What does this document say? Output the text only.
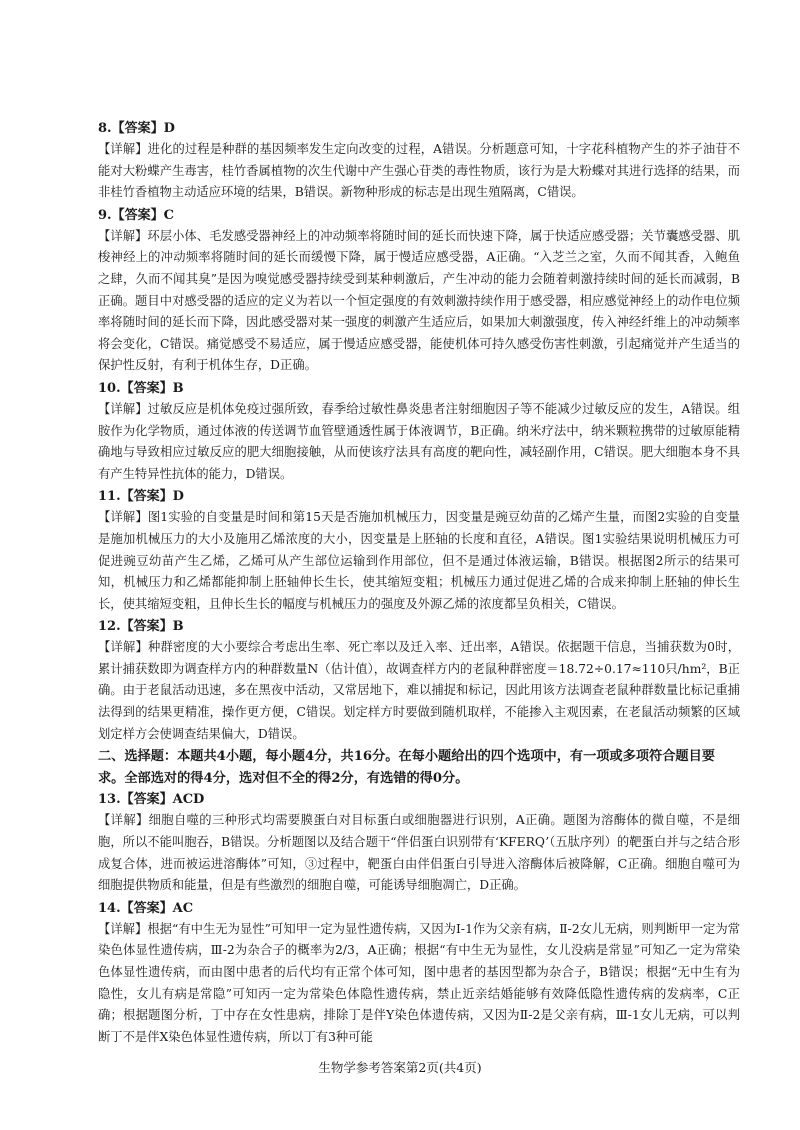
8.【答案】D

【详解】进化的过程是种群的基因频率发生定向改变的过程，A错误。分析题意可知，十字花科植物产生的芥子油苷不能对大粉蝶产生毒害，桂竹香属植物的次生代谢中产生强心苷类的毒性物质，该行为是大粉蝶对其进行选择的结果，而非桂竹香植物主动适应环境的结果，B错误。新物种形成的标志是出现生殖隔离，C错误。

9.【答案】C

【详解】环层小体、毛发感受器神经上的冲动频率将随时间的延长而快速下降，属于快适应感受器；关节囊感受器、肌梭神经上的冲动频率将随时间的延长而缓慢下降，属于慢适应感受器，A正确。“入芝兰之室，久而不闻其香，入鲍鱼之肆，久而不闻其臭”是因为嗅觉感受器持续受到某种刺激后，产生冲动的能力会随着刺激持续时间的延长而减弱，B正确。题目中对感受器的适应的定义为若以一个恒定强度的有效刺激持续作用于感受器，相应感觉神经上的动作电位频率将随时间的延长而下降，因此感受器对某一强度的刺激产生适应后，如果加大刺激强度，传入神经纤维上的冲动频率将会变化，C错误。痛觉感受不易适应，属于慢适应感受器，能使机体可持久感受伤害性刺激，引起痛觉并产生适当的保护性反射，有利于机体生存，D正确。

10.【答案】B

【详解】过敏反应是机体免疫过强所致，春季给过敏性鼻炎患者注射细胞因子等不能减少过敏反应的发生，A错误。组胺作为化学物质，通过体液的传送调节血管壁通透性属于体液调节，B正确。纳米疗法中，纳米颗粒携带的过敏原能精确地与导致相应过敏反应的肥大细胞接触，从而使该疗法具有高度的靶向性，减轻副作用，C错误。肥大细胞本身不具有产生特异性抗体的能力，D错误。

11.【答案】D

【详解】图1实验的自变量是时间和第15天是否施加机械压力，因变量是豌豆幼苗的乙烯产生量，而图2实验的自变量是施加机械压力的大小及施用乙烯浓度的大小，因变量是上胚轴的长度和直径，A错误。图1实验结果说明机械压力可促进豌豆幼苗产生乙烯，乙烯可从产生部位运输到作用部位，但不是通过体液运输，B错误。根据图2所示的结果可知，机械压力和乙烯都能抑制上胚轴伸长生长，使其缩短变粗；机械压力通过促进乙烯的合成来抑制上胚轴的伸长生长，使其缩短变粗，且伸长生长的幅度与机械压力的强度及外源乙烯的浓度都呈负相关，C错误。

12.【答案】B

【详解】种群密度的大小要综合考虑出生率、死亡率以及迁入率、迁出率，A错误。依据题干信息，当捕获数为0时，累计捕获数即为调查样方内的种群数量N（估计值），故调查样方内的老鼠种群密度＝18.72÷0.17≈110只/hm²，B正确。由于老鼠活动迅速，多在黑夜中活动，又常居地下，难以捕捉和标记，因此用该方法调查老鼠种群数量比标记重捕法得到的结果更精准，操作更方便，C错误。划定样方时要做到随机取样，不能掺入主观因素，在老鼠活动频繁的区域划定样方会使调查结果偏大，D错误。

二、选择题：本题共4小题，每小题4分，共16分。在每小题给出的四个选项中，有一项或多项符合题目要求。全部选对的得4分，选对但不全的得2分，有选错的得0分。

13.【答案】ACD

【详解】细胞自噬的三种形式均需要膜蛋白对目标蛋白或细胞器进行识别，A正确。题图为溶酶体的微自噬，不是细胞，所以不能叫胞吞，B错误。分析题图以及结合题干“伴侣蛋白识别带有‘KFERQ’（五肽序列）的靶蛋白并与之结合形成复合体，进而被运进溶酶体”可知，③过程中，靶蛋白由伴侣蛋白引导进入溶酶体后被降解，C正确。细胞自噬可为细胞提供物质和能量，但是有些激烈的细胞自噬，可能诱导细胞凋亡，D正确。

14.【答案】AC

【详解】根据“有中生无为显性”可知甲一定为显性遗传病，又因为Ⅰ-1作为父亲有病，Ⅱ-2女儿无病，则判断甲一定为常染色体显性遗传病，Ⅲ-2为杂合子的概率为2/3，A正确；根据“有中生无为显性，女儿没病是常显”可知乙一定为常染色体显性遗传病，而由图中患者的后代均有正常个体可知，图中患者的基因型都为杂合子，B错误；根据“无中生有为隐性，女儿有病是常隐”可知丙一定为常染色体隐性遗传病，禁止近亲结婚能够有效降低隐性遗传病的发病率，C正确；根据题图分析，丁中存在女性患病，排除丁是伴Y染色体遗传病，又因为Ⅱ-2是父亲有病，Ⅲ-1女儿无病，可以判断丁不是伴X染色体显性遗传病，所以丁有3种可能

生物学参考答案第2页(共4页)
